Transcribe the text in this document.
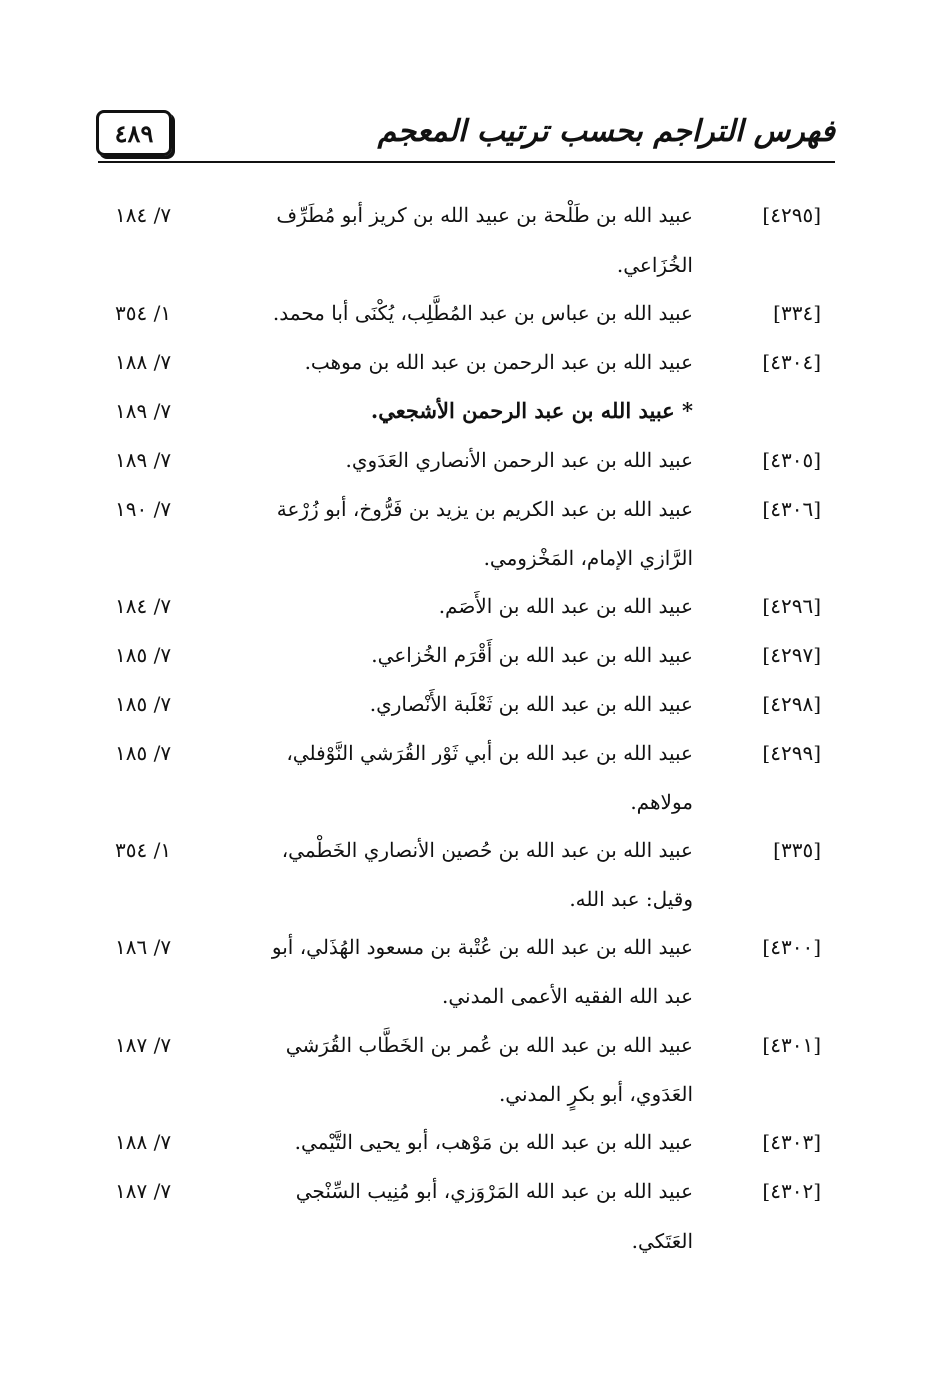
٤٨٩	فهرس التراجم بحسب ترتيب المعجم
[٤٢٩٥]
عبيد الله بن طَلْحة بن عبيد الله بن كريز أبو مُطَرِّف
٧/ ١٨٤
الخُزَاعي.
[٣٣٤]
عبيد الله بن عباس بن عبد المُطَّلِب، يُكْنَى أبا محمد.
١/ ٣٥٤
[٤٣٠٤]
عبيد الله بن عبد الرحمن بن عبد الله بن موهب.
٧/ ١٨٨
* عبيد الله بن عبد الرحمن الأشجعي.
٧/ ١٨٩
[٤٣٠٥]
عبيد الله بن عبد الرحمن الأنصاري العَدَوي.
٧/ ١٨٩
[٤٣٠٦]
عبيد الله بن عبد الكريم بن يزيد بن فَرُّوخ، أبو زُرْعة
٧/ ١٩٠
الرَّازي الإمام، المَخْزومي.
[٤٢٩٦]
عبيد الله بن عبد الله بن الأَصَم.
٧/ ١٨٤
[٤٢٩٧]
عبيد الله بن عبد الله بن أَقْرَم الخُزاعي.
٧/ ١٨٥
[٤٢٩٨]
عبيد الله بن عبد الله بن ثَعْلَبة الأَنْصاري.
٧/ ١٨٥
[٤٢٩٩]
عبيد الله بن عبد الله بن أبي ثَوْر القُرَشي النَّوْفلي،
٧/ ١٨٥
مولاهم.
[٣٣٥]
عبيد الله بن عبد الله بن حُصين الأنصاري الخَطْمي،
١/ ٣٥٤
وقيل: عبد الله.
[٤٣٠٠]
عبيد الله بن عبد الله بن عُتْبة بن مسعود الهُذَلي، أبو
٧/ ١٨٦
عبد الله الفقيه الأعمى المدني.
[٤٣٠١]
عبيد الله بن عبد الله بن عُمر بن الخَطَّاب القُرَشي
٧/ ١٨٧
العَدَوي، أبو بكرٍ المدني.
[٤٣٠٣]
عبيد الله بن عبد الله بن مَوْهب، أبو يحيى التَّيْمي.
٧/ ١٨٨
[٤٣٠٢]
عبيد الله بن عبد الله المَرْوَزي، أبو مُنِيب السِّنْجي
٧/ ١٨٧
العَتَكي.
